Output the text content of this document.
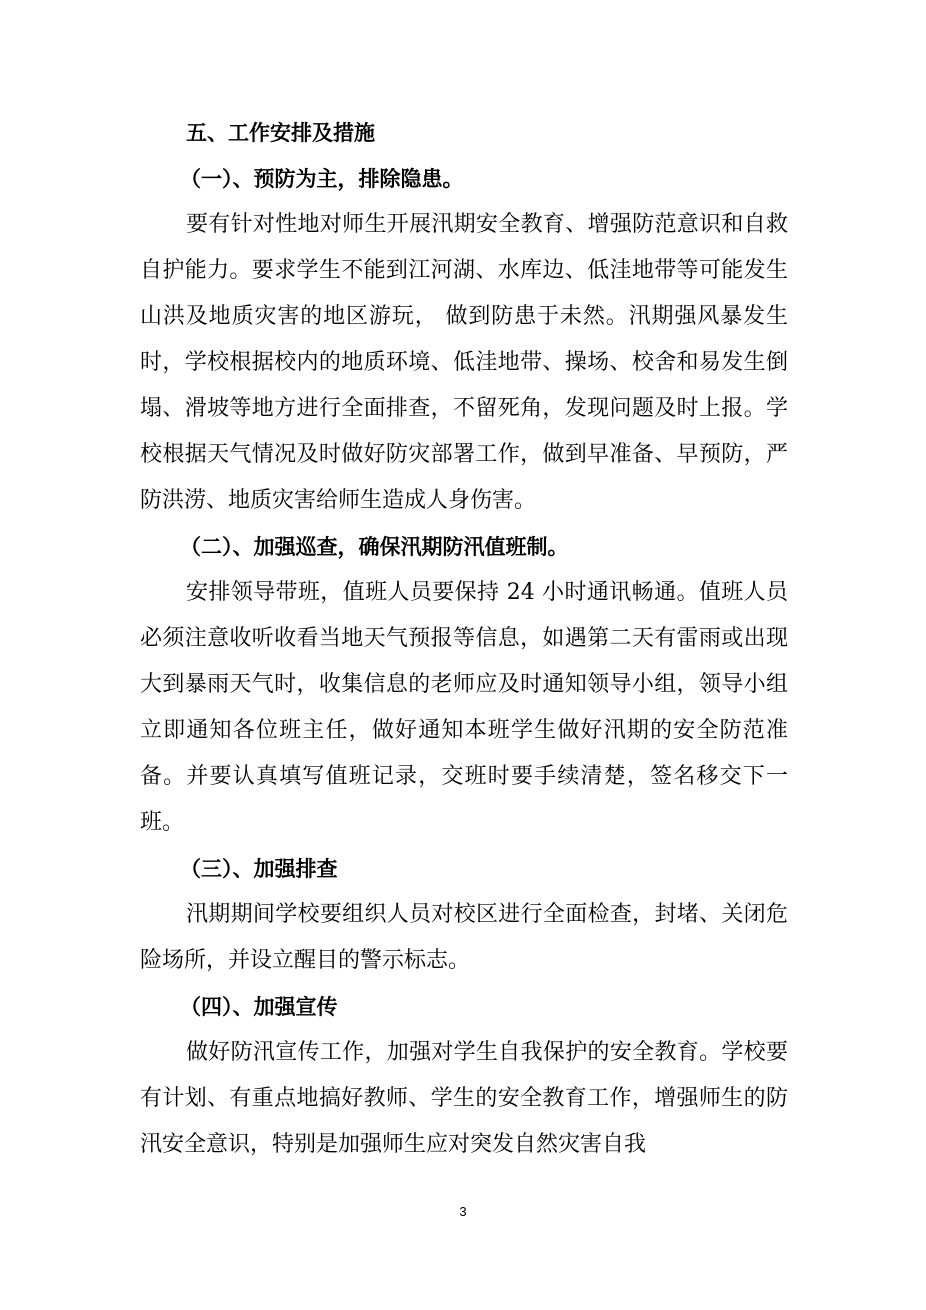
五、工作安排及措施
（一）、预防为主，排除隐患。

要有针对性地对师生开展汛期安全教育、增强防范意识和自救自护能力。要求学生不能到江河湖、水库边、低洼地带等可能发生山洪及地质灾害的地区游玩， 做到防患于未然。汛期强风暴发生时，学校根据校内的地质环境、低洼地带、操场、校舍和易发生倒塌、滑坡等地方进行全面排查，不留死角，发现问题及时上报。学校根据天气情况及时做好防灾部署工作，做到早准备、早预防，严防洪涝、地质灾害给师生造成人身伤害。

（二）、加强巡查，确保汛期防汛值班制。

安排领导带班，值班人员要保持 24 小时通讯畅通。值班人员必须注意收听收看当地天气预报等信息，如遇第二天有雷雨或出现大到暴雨天气时，收集信息的老师应及时通知领导小组，领导小组立即通知各位班主任，做好通知本班学生做好汛期的安全防范准备。并要认真填写值班记录，交班时要手续清楚，签名移交下一班。

（三）、加强排查

汛期期间学校要组织人员对校区进行全面检查，封堵、关闭危险场所，并设立醒目的警示标志。

（四）、加强宣传

做好防汛宣传工作，加强对学生自我保护的安全教育。学校要有计划、有重点地搞好教师、学生的安全教育工作，增强师生的防汛安全意识，特别是加强师生应对突发自然灾害自我

3
